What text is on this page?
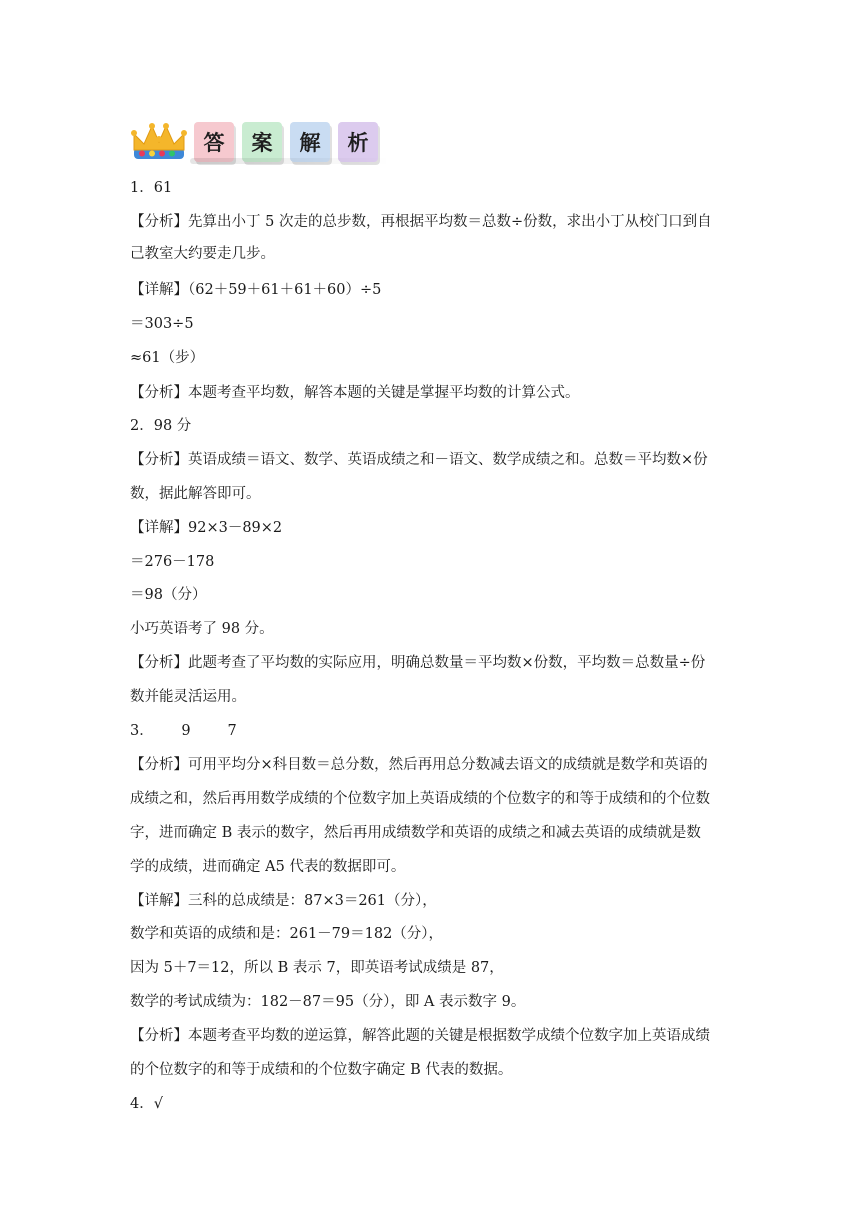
答	案	解	析

1．61

【分析】先算出小丁 5 次走的总步数，再根据平均数＝总数÷份数，求出小丁从校门口到自

己教室大约要走几步。

【详解】（62＋59＋61＋61＋60）÷5

＝303÷5

≈61（步）

【分析】本题考查平均数，解答本题的关键是掌握平均数的计算公式。

2．98 分

【分析】英语成绩＝语文、数学、英语成绩之和－语文、数学成绩之和。总数＝平均数×份

数，据此解答即可。

【详解】92×3－89×2

＝276－178

＝98（分）

小巧英语考了 98 分。

【分析】此题考查了平均数的实际应用，明确总数量＝平均数×份数，平均数＝总数量÷份

数并能灵活运用。

3．      9        7

【分析】可用平均分×科目数＝总分数，然后再用总分数减去语文的成绩就是数学和英语的

成绩之和，然后再用数学成绩的个位数字加上英语成绩的个位数字的和等于成绩和的个位数

字，进而确定 B 表示的数字，然后再用成绩数学和英语的成绩之和减去英语的成绩就是数

学的成绩，进而确定 A5 代表的数据即可。

【详解】三科的总成绩是：87×3＝261（分），

数学和英语的成绩和是：261－79＝182（分），

因为 5＋7＝12，所以 B 表示 7，即英语考试成绩是 87，

数学的考试成绩为：182－87＝95（分），即 A 表示数字 9。

【分析】本题考查平均数的逆运算，解答此题的关键是根据数学成绩个位数字加上英语成绩

的个位数字的和等于成绩和的个位数字确定 B 代表的数据。

4．√
